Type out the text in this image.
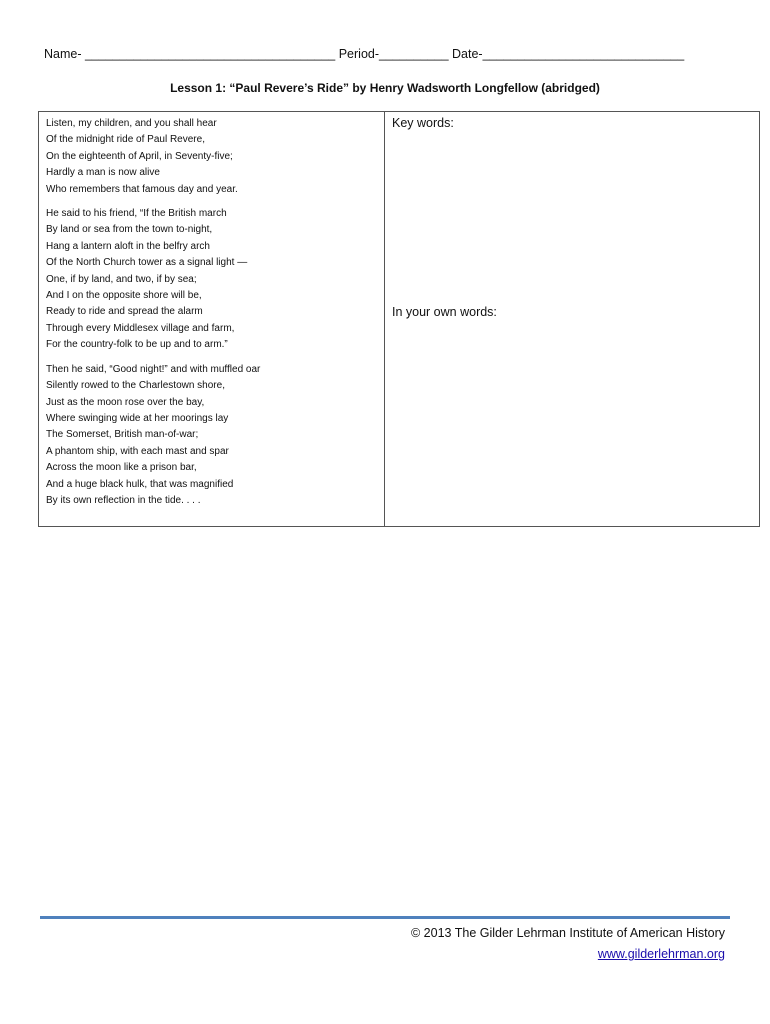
Name- ____________________________________ Period-__________ Date-_____________________________
Lesson 1: “Paul Revere’s Ride” by Henry Wadsworth Longfellow (abridged)
Listen, my children, and you shall hear
Of the midnight ride of Paul Revere,
On the eighteenth of April, in Seventy-five;
Hardly a man is now alive
Who remembers that famous day and year.
He said to his friend, “If the British march
By land or sea from the town to-night,
Hang a lantern aloft in the belfry arch
Of the North Church tower as a signal light —
One, if by land, and two, if by sea;
And I on the opposite shore will be,
Ready to ride and spread the alarm
Through every Middlesex village and farm,
For the country-folk to be up and to arm.”
Then he said, “Good night!” and with muffled oar
Silently rowed to the Charlestown shore,
Just as the moon rose over the bay,
Where swinging wide at her moorings lay
The Somerset, British man-of-war;
A phantom ship, with each mast and spar
Across the moon like a prison bar,
And a huge black hulk, that was magnified
By its own reflection in the tide. . . .
Key words:
In your own words:
© 2013 The Gilder Lehrman Institute of American History
www.gilderlehrman.org
